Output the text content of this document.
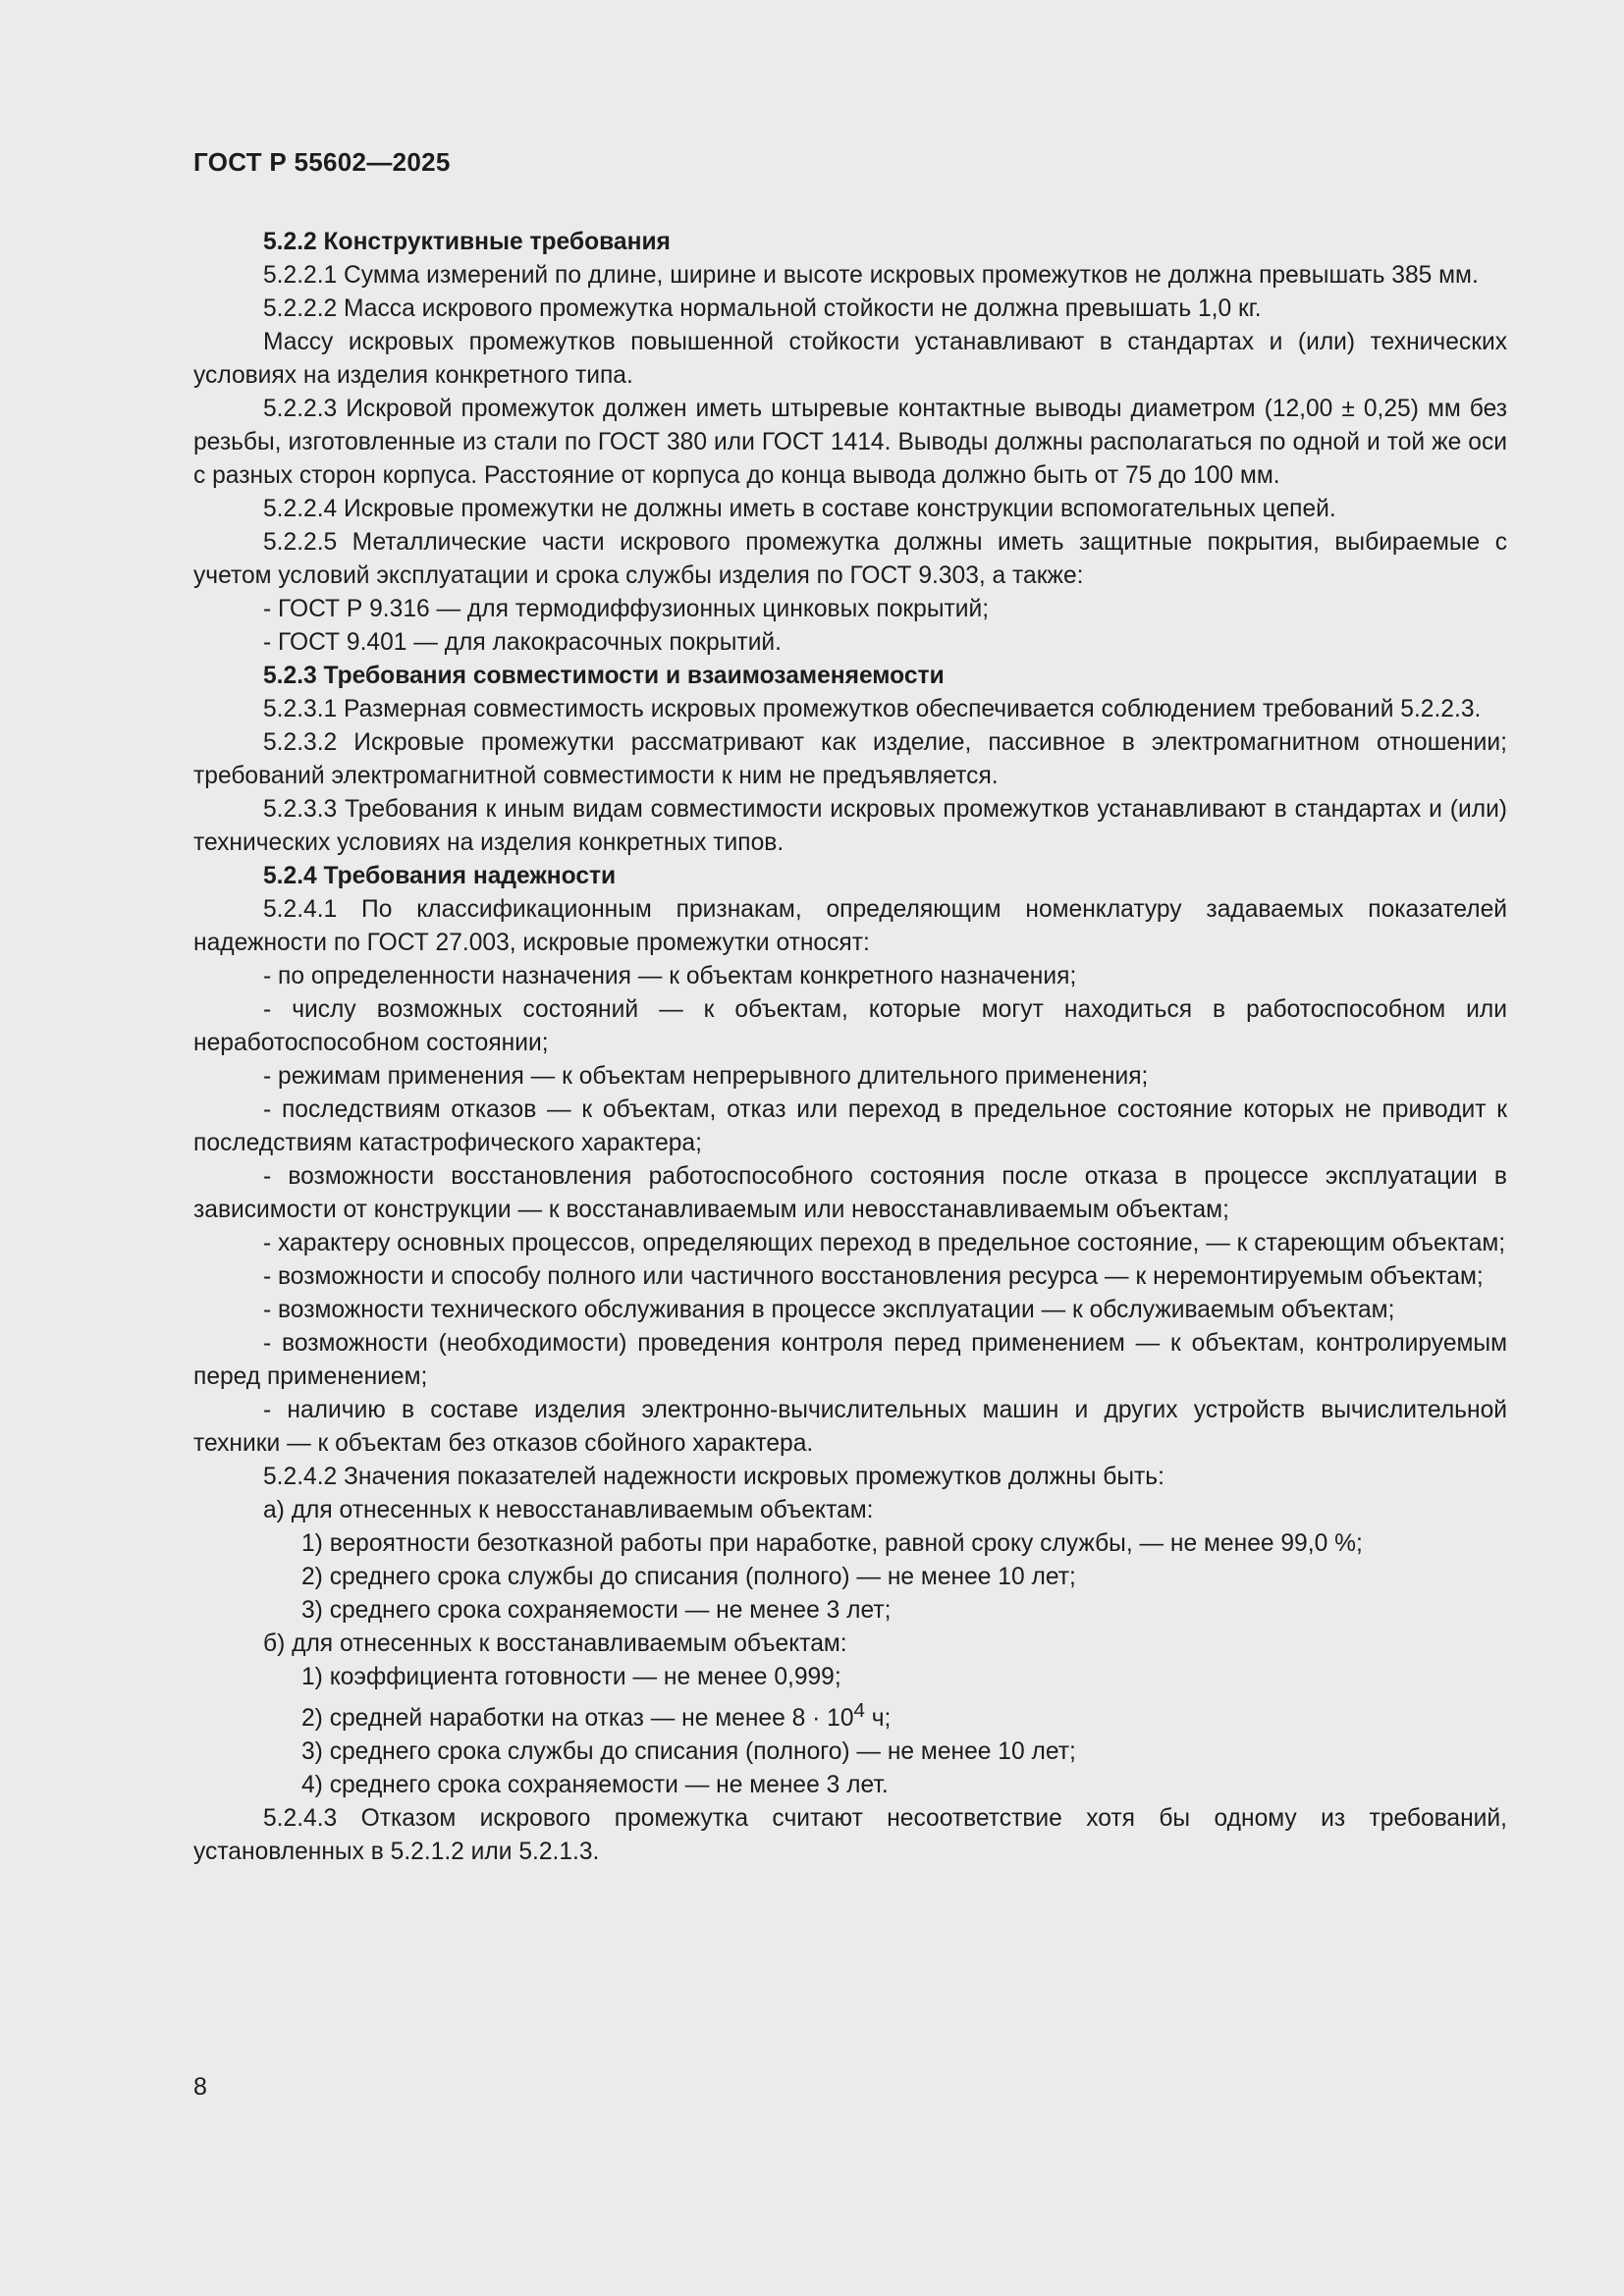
ГОСТ Р 55602—2025

5.2.2 Конструктивные требования

5.2.2.1 Сумма измерений по длине, ширине и высоте искровых промежутков не должна превышать 385 мм.

5.2.2.2 Масса искрового промежутка нормальной стойкости не должна превышать 1,0 кг.

Массу искровых промежутков повышенной стойкости устанавливают в стандартах и (или) технических условиях на изделия конкретного типа.

5.2.2.3 Искровой промежуток должен иметь штыревые контактные выводы диаметром (12,00 ± 0,25) мм без резьбы, изготовленные из стали по ГОСТ 380 или ГОСТ 1414. Выводы должны располагаться по одной и той же оси с разных сторон корпуса. Расстояние от корпуса до конца вывода должно быть от 75 до 100 мм.

5.2.2.4 Искровые промежутки не должны иметь в составе конструкции вспомогательных цепей.

5.2.2.5 Металлические части искрового промежутка должны иметь защитные покрытия, выбираемые с учетом условий эксплуатации и срока службы изделия по ГОСТ 9.303, а также:

- ГОСТ Р 9.316 — для термодиффузионных цинковых покрытий;

- ГОСТ 9.401 — для лакокрасочных покрытий.

5.2.3 Требования совместимости и взаимозаменяемости

5.2.3.1 Размерная совместимость искровых промежутков обеспечивается соблюдением требований 5.2.2.3.

5.2.3.2 Искровые промежутки рассматривают как изделие, пассивное в электромагнитном отношении; требований электромагнитной совместимости к ним не предъявляется.

5.2.3.3 Требования к иным видам совместимости искровых промежутков устанавливают в стандартах и (или) технических условиях на изделия конкретных типов.

5.2.4 Требования надежности

5.2.4.1 По классификационным признакам, определяющим номенклатуру задаваемых показателей надежности по ГОСТ 27.003, искровые промежутки относят:

- по определенности назначения — к объектам конкретного назначения;

- числу возможных состояний — к объектам, которые могут находиться в работоспособном или неработоспособном состоянии;

- режимам применения — к объектам непрерывного длительного применения;

- последствиям отказов — к объектам, отказ или переход в предельное состояние которых не приводит к последствиям катастрофического характера;

- возможности восстановления работоспособного состояния после отказа в процессе эксплуатации в зависимости от конструкции — к восстанавливаемым или невосстанавливаемым объектам;

- характеру основных процессов, определяющих переход в предельное состояние, — к стареющим объектам;

- возможности и способу полного или частичного восстановления ресурса — к неремонтируемым объектам;

- возможности технического обслуживания в процессе эксплуатации — к обслуживаемым объектам;

- возможности (необходимости) проведения контроля перед применением — к объектам, контролируемым перед применением;

- наличию в составе изделия электронно-вычислительных машин и других устройств вычислительной техники — к объектам без отказов сбойного характера.

5.2.4.2 Значения показателей надежности искровых промежутков должны быть:

а) для отнесенных к невосстанавливаемым объектам:

1) вероятности безотказной работы при наработке, равной сроку службы, — не менее 99,0 %;

2) среднего срока службы до списания (полного) — не менее 10 лет;

3) среднего срока сохраняемости — не менее 3 лет;

б) для отнесенных к восстанавливаемым объектам:

1) коэффициента готовности — не менее 0,999;

2) средней наработки на отказ — не менее $8 \cdot 10^4$ ч;

3) среднего срока службы до списания (полного) — не менее 10 лет;

4) среднего срока сохраняемости — не менее 3 лет.

5.2.4.3 Отказом искрового промежутка считают несоответствие хотя бы одному из требований, установленных в 5.2.1.2 или 5.2.1.3.

8
